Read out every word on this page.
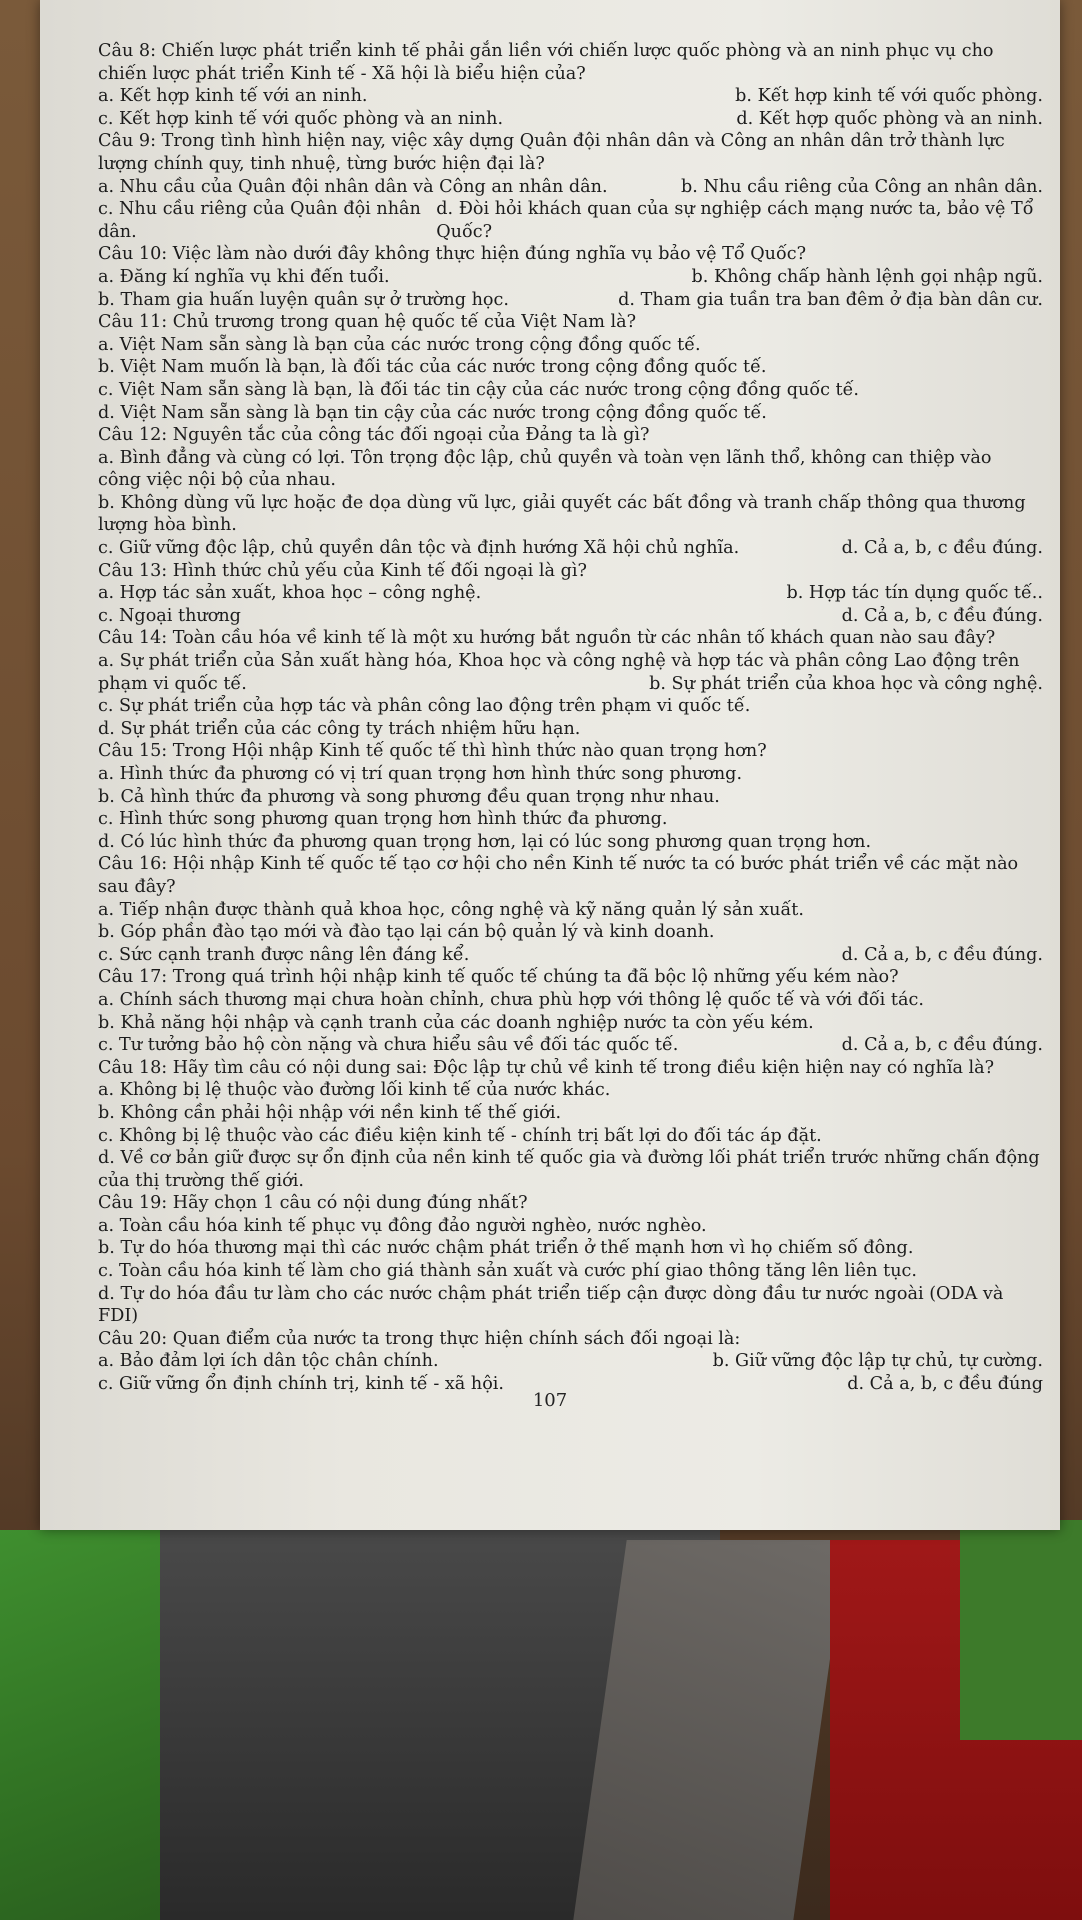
Câu 8: Chiến lược phát triển kinh tế phải gắn liền với chiến lược quốc phòng và an ninh phục vụ cho

chiến lược phát triển Kinh tế - Xã hội là biểu hiện của?

a. Kết hợp kinh tế với an ninh.	b. Kết hợp kinh tế với quốc phòng.
c. Kết hợp kinh tế với quốc phòng và an ninh.	d. Kết hợp quốc phòng và an ninh.

Câu 9: Trong tình hình hiện nay, việc xây dựng Quân đội nhân dân và Công an nhân dân trở thành lực

lượng chính quy, tinh nhuệ, từng bước hiện đại là?

a. Nhu cầu của Quân đội nhân dân và Công an nhân dân.	b. Nhu cầu riêng của Công an nhân dân.
c. Nhu cầu riêng của Quân đội nhân dân.
d. Đòi hỏi khách quan của sự nghiệp cách mạng nước ta, bảo vệ Tổ Quốc?

Câu 10: Việc làm nào dưới đây không thực hiện đúng nghĩa vụ bảo vệ Tổ Quốc?

a. Đăng kí nghĩa vụ khi đến tuổi.	b. Không chấp hành lệnh gọi nhập ngũ.
b. Tham gia huấn luyện quân sự ở trường học.	d. Tham gia tuần tra ban đêm ở địa bàn dân cư.

Câu 11: Chủ trương trong quan hệ quốc tế của Việt Nam là?

a. Việt Nam sẵn sàng là bạn của các nước trong cộng đồng quốc tế.

b. Việt Nam muốn là bạn, là đối tác của các nước trong cộng đồng quốc tế.

c. Việt Nam sẵn sàng là bạn, là đối tác tin cậy của các nước trong cộng đồng quốc tế.

d. Việt Nam sẵn sàng là bạn tin cậy của các nước trong cộng đồng quốc tế.

Câu 12: Nguyên tắc của công tác đối ngoại của Đảng ta là gì?

a. Bình đẳng và cùng có lợi. Tôn trọng độc lập, chủ quyền và toàn vẹn lãnh thổ, không can thiệp vào

công việc nội bộ của nhau.

b. Không dùng vũ lực hoặc đe dọa dùng vũ lực, giải quyết các bất đồng và tranh chấp thông qua thương

lượng hòa bình.

c. Giữ vững độc lập, chủ quyền dân tộc và định hướng Xã hội chủ nghĩa.	d. Cả a, b, c đều đúng.

Câu 13: Hình thức chủ yếu của Kinh tế đối ngoại là gì?

a. Hợp tác sản xuất, khoa học – công nghệ.	b. Hợp tác tín dụng quốc tế..
c. Ngoại thương	d. Cả a, b, c đều đúng.

Câu 14: Toàn cầu hóa về kinh tế là một xu hướng bắt nguồn từ các nhân tố khách quan nào sau đây?

a. Sự phát triển của Sản xuất hàng hóa, Khoa học và công nghệ và hợp tác và phân công Lao động trên

phạm vi quốc tế.	b. Sự phát triển của khoa học và công nghệ.

c. Sự phát triển của hợp tác và phân công lao động trên phạm vi quốc tế.

d. Sự phát triển của các công ty trách nhiệm hữu hạn.

Câu 15: Trong Hội nhập Kinh tế quốc tế thì hình thức nào quan trọng hơn?

a. Hình thức đa phương có vị trí quan trọng hơn hình thức song phương.

b. Cả hình thức đa phương và song phương đều quan trọng như nhau.

c. Hình thức song phương quan trọng hơn hình thức đa phương.

d. Có lúc hình thức đa phương quan trọng hơn, lại có lúc song phương quan trọng hơn.

Câu 16: Hội nhập Kinh tế quốc tế tạo cơ hội cho nền Kinh tế nước ta có bước phát triển về các mặt nào

sau đây?

a. Tiếp nhận được thành quả khoa học, công nghệ và kỹ năng quản lý sản xuất.

b. Góp phần đào tạo mới và đào tạo lại cán bộ quản lý và kinh doanh.

c. Sức cạnh tranh được nâng lên đáng kể.	d. Cả a, b, c đều đúng.

Câu 17: Trong quá trình hội nhập kinh tế quốc tế chúng ta đã bộc lộ những yếu kém nào?

a. Chính sách thương mại chưa hoàn chỉnh, chưa phù hợp với thông lệ quốc tế và với đối tác.

b. Khả năng hội nhập và cạnh tranh của các doanh nghiệp nước ta còn yếu kém.

c. Tư tưởng bảo hộ còn nặng và chưa hiểu sâu về đối tác quốc tế.	d. Cả a, b, c đều đúng.

Câu 18: Hãy tìm câu có nội dung sai: Độc lập tự chủ về kinh tế trong điều kiện hiện nay có nghĩa là?

a. Không bị lệ thuộc vào đường lối kinh tế của nước khác.

b. Không cần phải hội nhập với nền kinh tế thế giới.

c. Không bị lệ thuộc vào các điều kiện kinh tế - chính trị bất lợi do đối tác áp đặt.

d. Về cơ bản giữ được sự ổn định của nền kinh tế quốc gia và đường lối phát triển trước những chấn động

của thị trường thế giới.

Câu 19: Hãy chọn 1 câu có nội dung đúng nhất?

a. Toàn cầu hóa kinh tế phục vụ đông đảo người nghèo, nước nghèo.

b. Tự do hóa thương mại thì các nước chậm phát triển ở thế mạnh hơn vì họ chiếm số đông.

c. Toàn cầu hóa kinh tế làm cho giá thành sản xuất và cước phí giao thông tăng lên liên tục.

d. Tự do hóa đầu tư làm cho các nước chậm phát triển tiếp cận được dòng đầu tư nước ngoài (ODA và

FDI)

Câu 20: Quan điểm của nước ta trong thực hiện chính sách đối ngoại là:

a. Bảo đảm lợi ích dân tộc chân chính.	b. Giữ vững độc lập tự chủ, tự cường.
c. Giữ vững ổn định chính trị, kinh tế - xã hội.	d. Cả a, b, c đều đúng
107
